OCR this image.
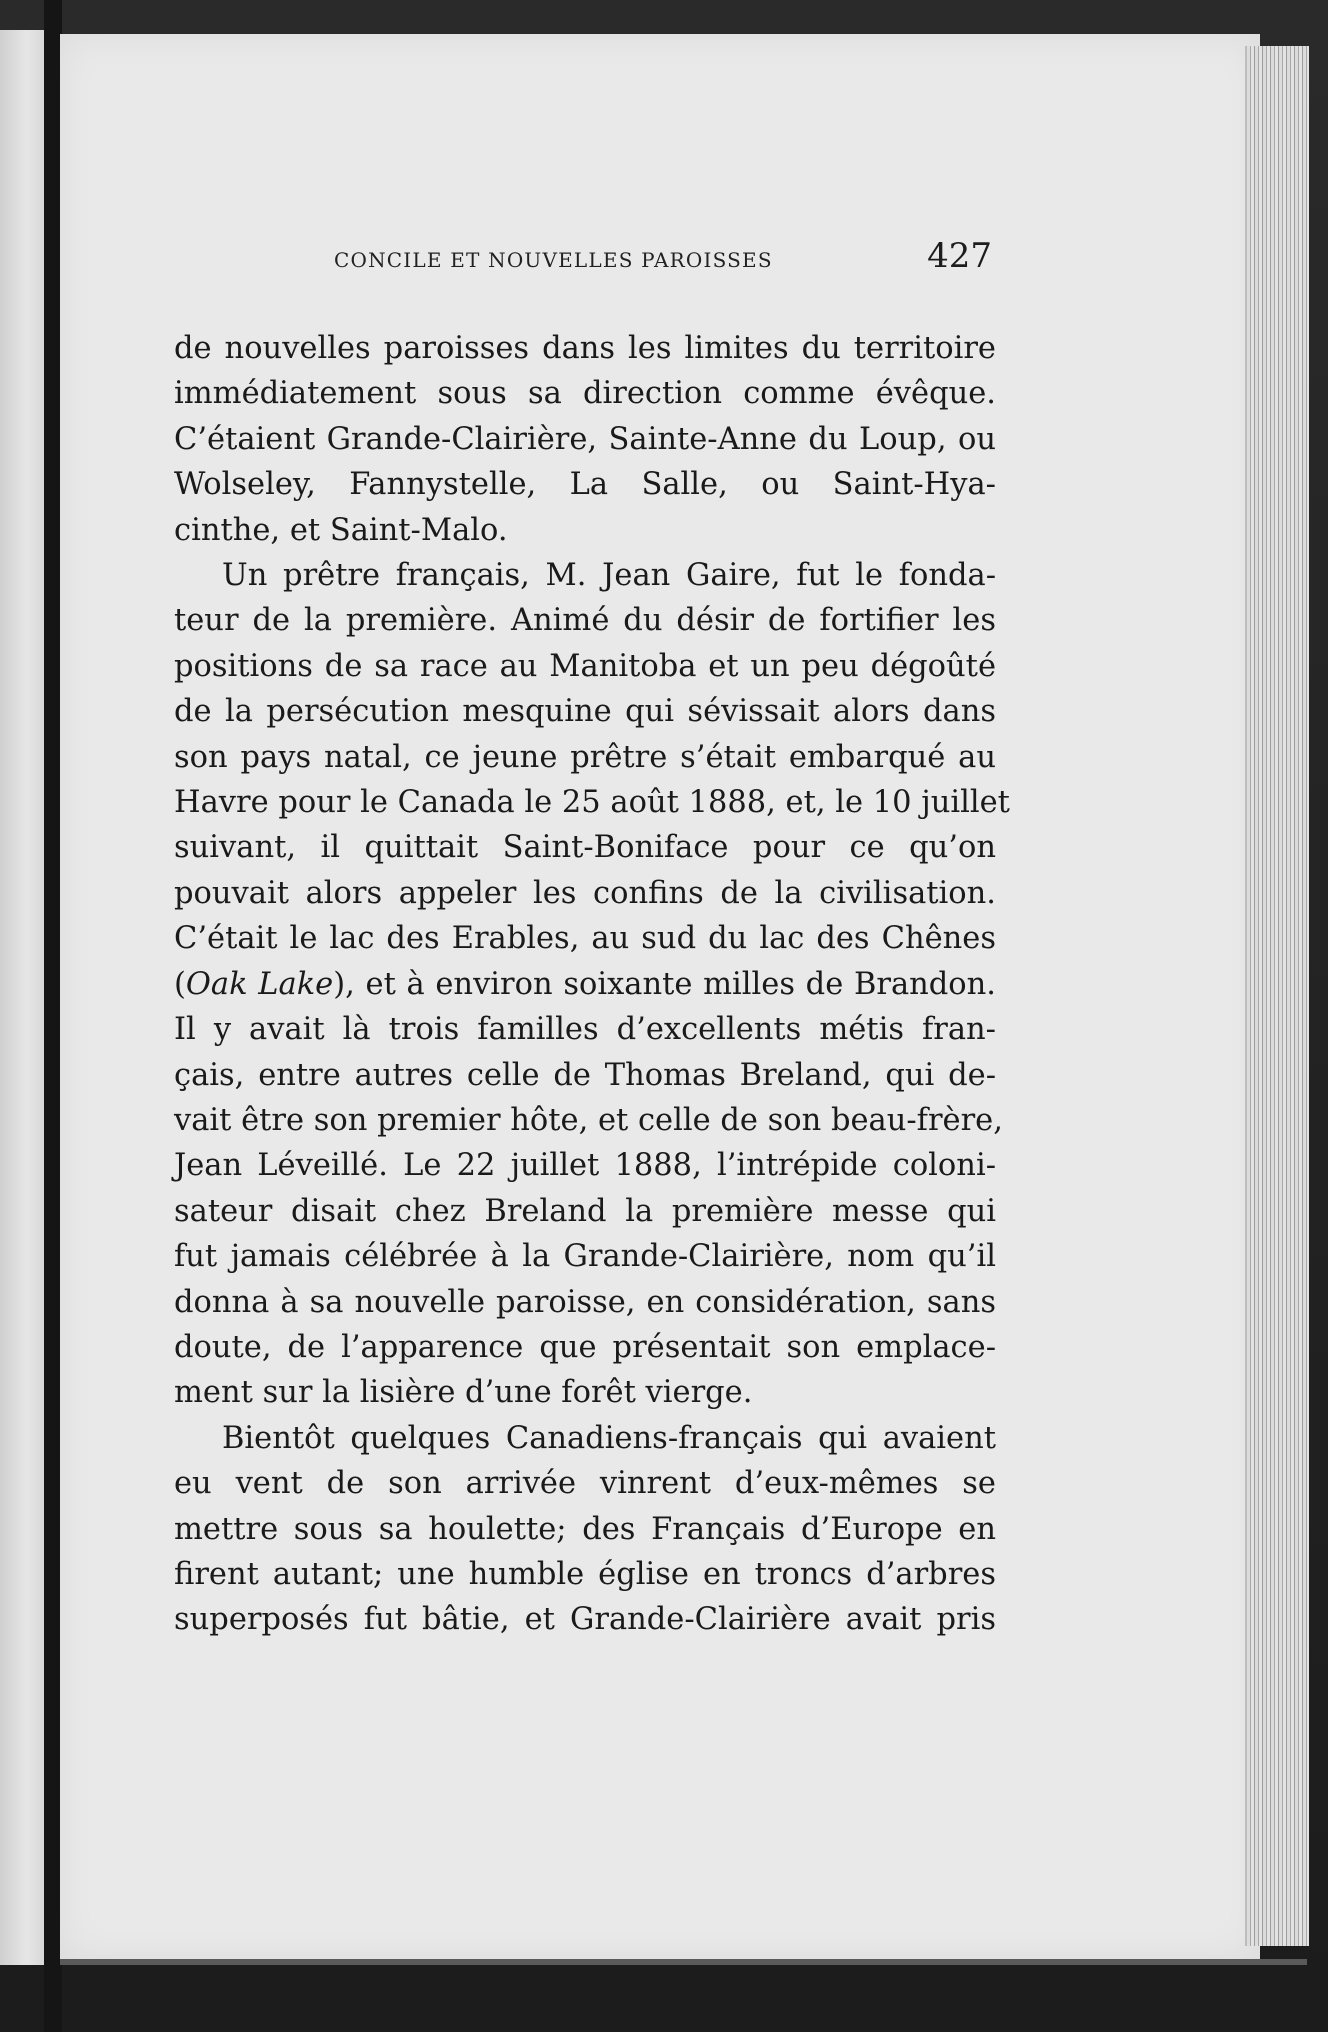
CONCILE ET NOUVELLES PAROISSES	427
de nouvelles paroisses dans les limites du territoire
immédiatement sous sa direction comme évêque.
C’étaient Grande-Clairière, Sainte-Anne du Loup, ou
Wolseley, Fannystelle, La Salle, ou Saint-Hya-
cinthe, et Saint-Malo.
Un prêtre français, M. Jean Gaire, fut le fonda-
teur de la première. Animé du désir de fortifier les
positions de sa race au Manitoba et un peu dégoûté
de la persécution mesquine qui sévissait alors dans
son pays natal, ce jeune prêtre s’était embarqué au
Havre pour le Canada le 25 août 1888, et, le 10 juillet
suivant, il quittait Saint-Boniface pour ce qu’on
pouvait alors appeler les confins de la civilisation.
C’était le lac des Erables, au sud du lac des Chênes
(Oak Lake), et à environ soixante milles de Brandon.
Il y avait là trois familles d’excellents métis fran-
çais, entre autres celle de Thomas Breland, qui de-
vait être son premier hôte, et celle de son beau-frère,
Jean Léveillé. Le 22 juillet 1888, l’intrépide coloni-
sateur disait chez Breland la première messe qui
fut jamais célébrée à la Grande-Clairière, nom qu’il
donna à sa nouvelle paroisse, en considération, sans
doute, de l’apparence que présentait son emplace-
ment sur la lisière d’une forêt vierge.
Bientôt quelques Canadiens-français qui avaient
eu vent de son arrivée vinrent d’eux-mêmes se
mettre sous sa houlette; des Français d’Europe en
firent autant; une humble église en troncs d’arbres
superposés fut bâtie, et Grande-Clairière avait pris
